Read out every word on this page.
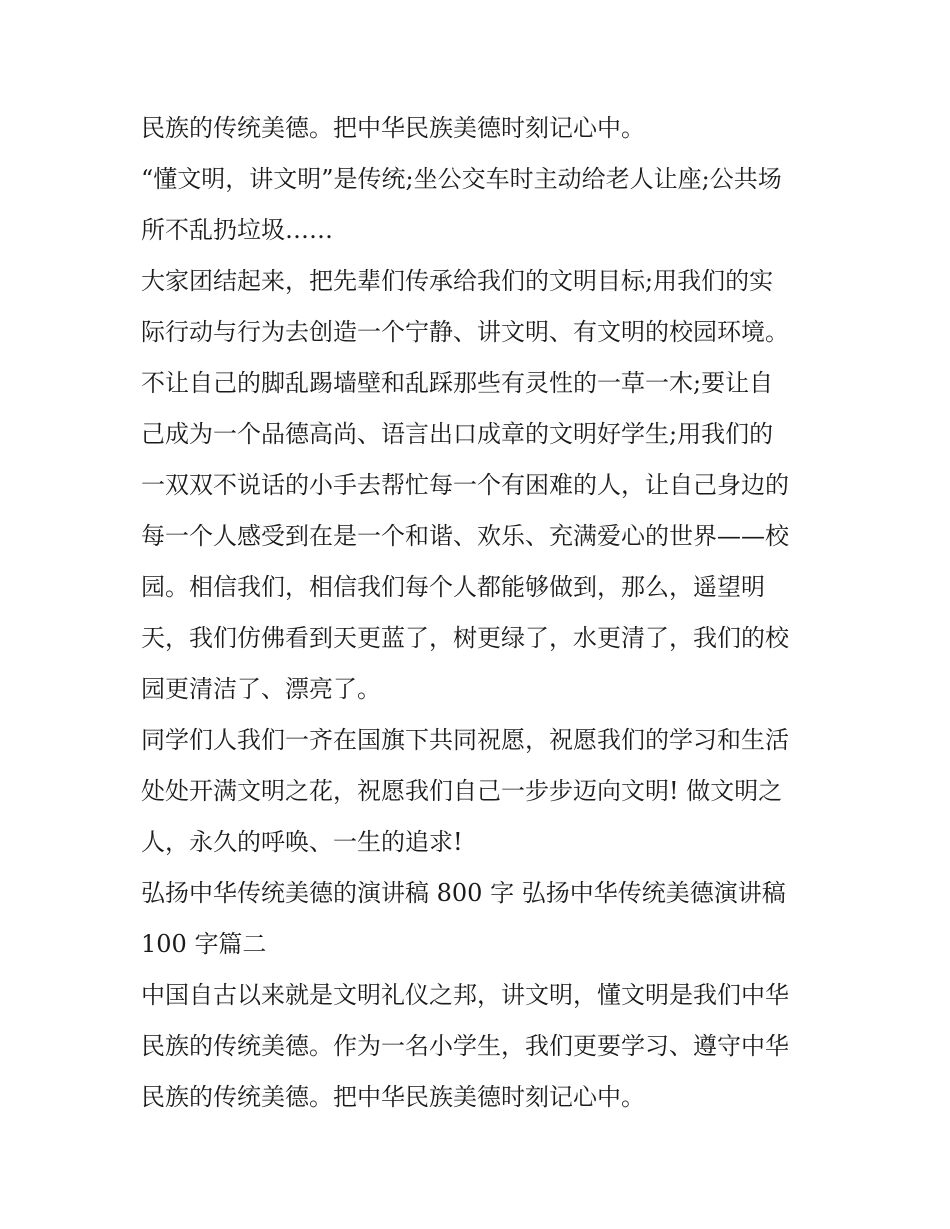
民族的传统美德。把中华民族美德时刻记心中。
“懂文明，讲文明”是传统;坐公交车时主动给老人让座;公共场
所不乱扔垃圾……
大家团结起来，把先辈们传承给我们的文明目标;用我们的实
际行动与行为去创造一个宁静、讲文明、有文明的校园环境。
不让自己的脚乱踢墙壁和乱踩那些有灵性的一草一木;要让自
己成为一个品德高尚、语言出口成章的文明好学生;用我们的
一双双不说话的小手去帮忙每一个有困难的人，让自己身边的
每一个人感受到在是一个和谐、欢乐、充满爱心的世界——校
园。相信我们，相信我们每个人都能够做到，那么，遥望明
天，我们仿佛看到天更蓝了，树更绿了，水更清了，我们的校
园更清洁了、漂亮了。
同学们人我们一齐在国旗下共同祝愿，祝愿我们的学习和生活
处处开满文明之花，祝愿我们自己一步步迈向文明! 做文明之
人，永久的呼唤、一生的追求!
弘扬中华传统美德的演讲稿 800 字 弘扬中华传统美德演讲稿
100 字篇二
中国自古以来就是文明礼仪之邦，讲文明，懂文明是我们中华
民族的传统美德。作为一名小学生，我们更要学习、遵守中华
民族的传统美德。把中华民族美德时刻记心中。
